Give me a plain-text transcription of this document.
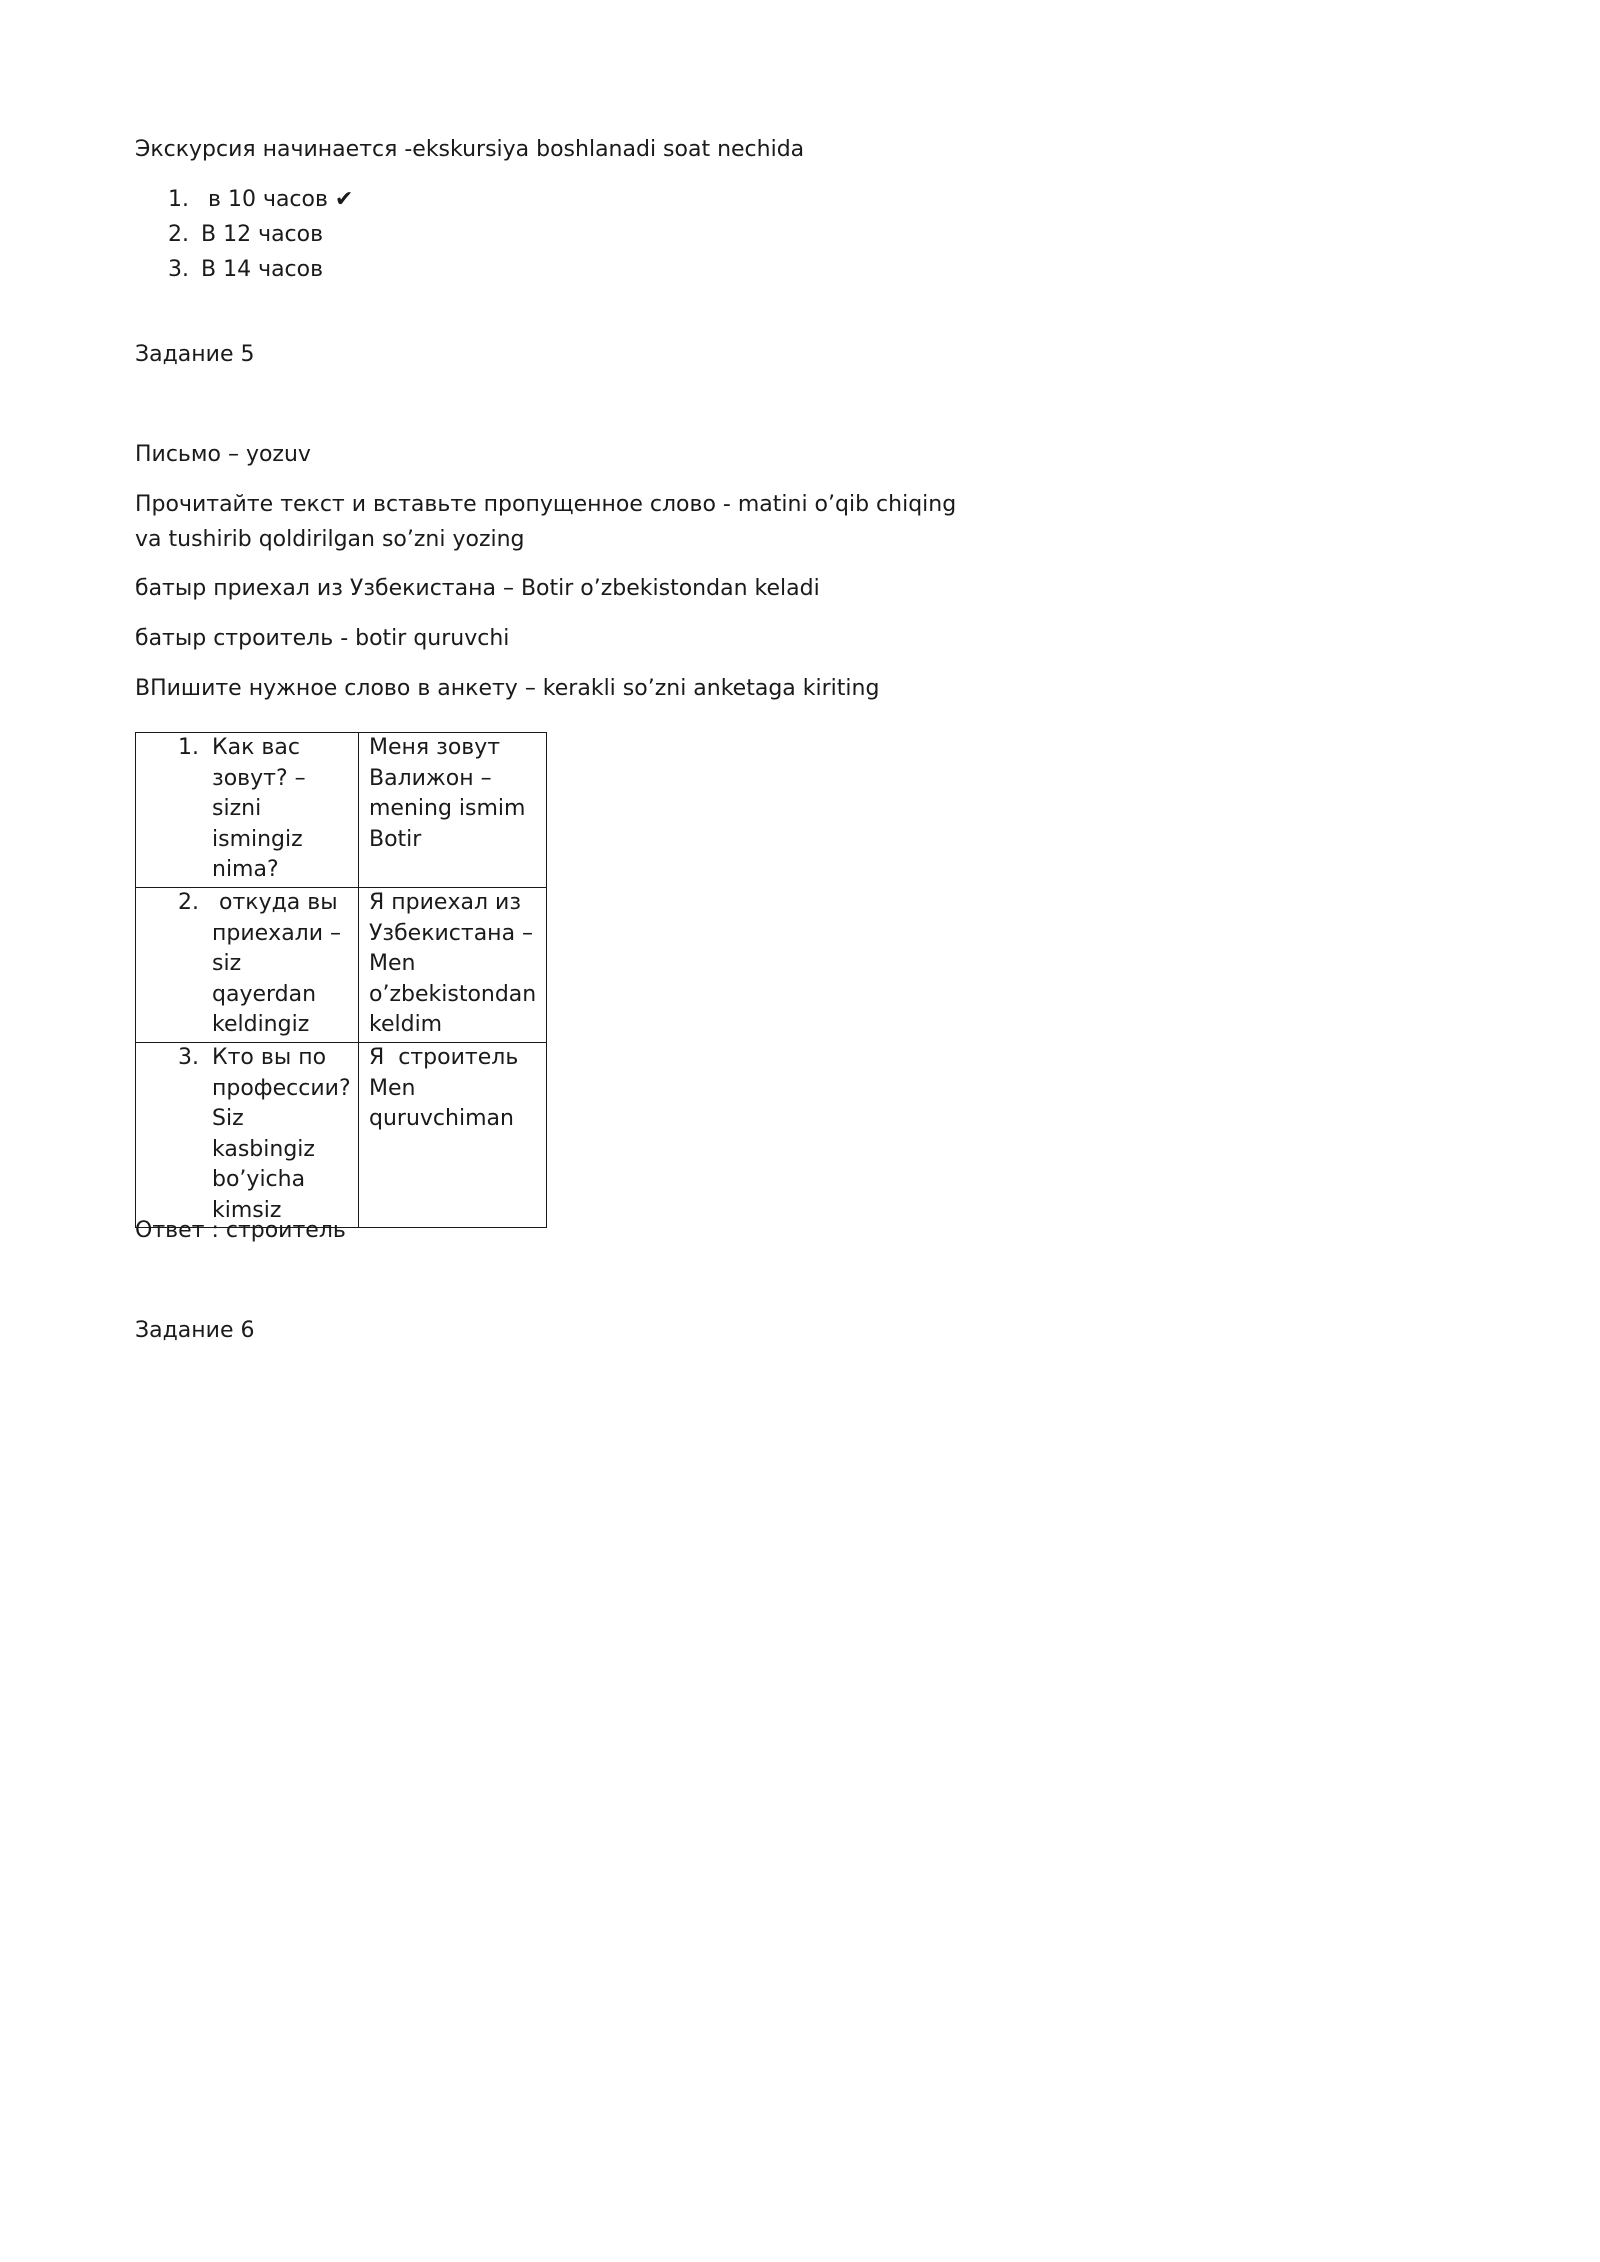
Экскурсия начинается -ekskursiya boshlanadi soat nechida
1. в 10 часов ✔
2. В 12 часов
3. В 14 часов
Задание 5
Письмо – yozuv
Прочитайте текст и вставьте пропущенное слово - matini o’qib chiqing va tushirib qoldirilgan so’zni yozing
батыр приехал из Узбекистана – Botir o’zbekistondan keladi
батыр строитель - botir quruvchi
ВПишите нужное слово в анкету – kerakli so’zni anketaga kiriting
1. Как вас зовут? – sizni ismingiz nima?	Меня зовут Валижон – mening ismim Botir

2. откуда вы приехали – siz qayerdan keldingiz	Я приехал из Узбекистана – Men o’zbekistondan keldim

3. Кто вы по профессии? Siz kasbingiz bo’yicha kimsiz	Я  строитель Men quruvchiman
Ответ : строитель
Задание 6
